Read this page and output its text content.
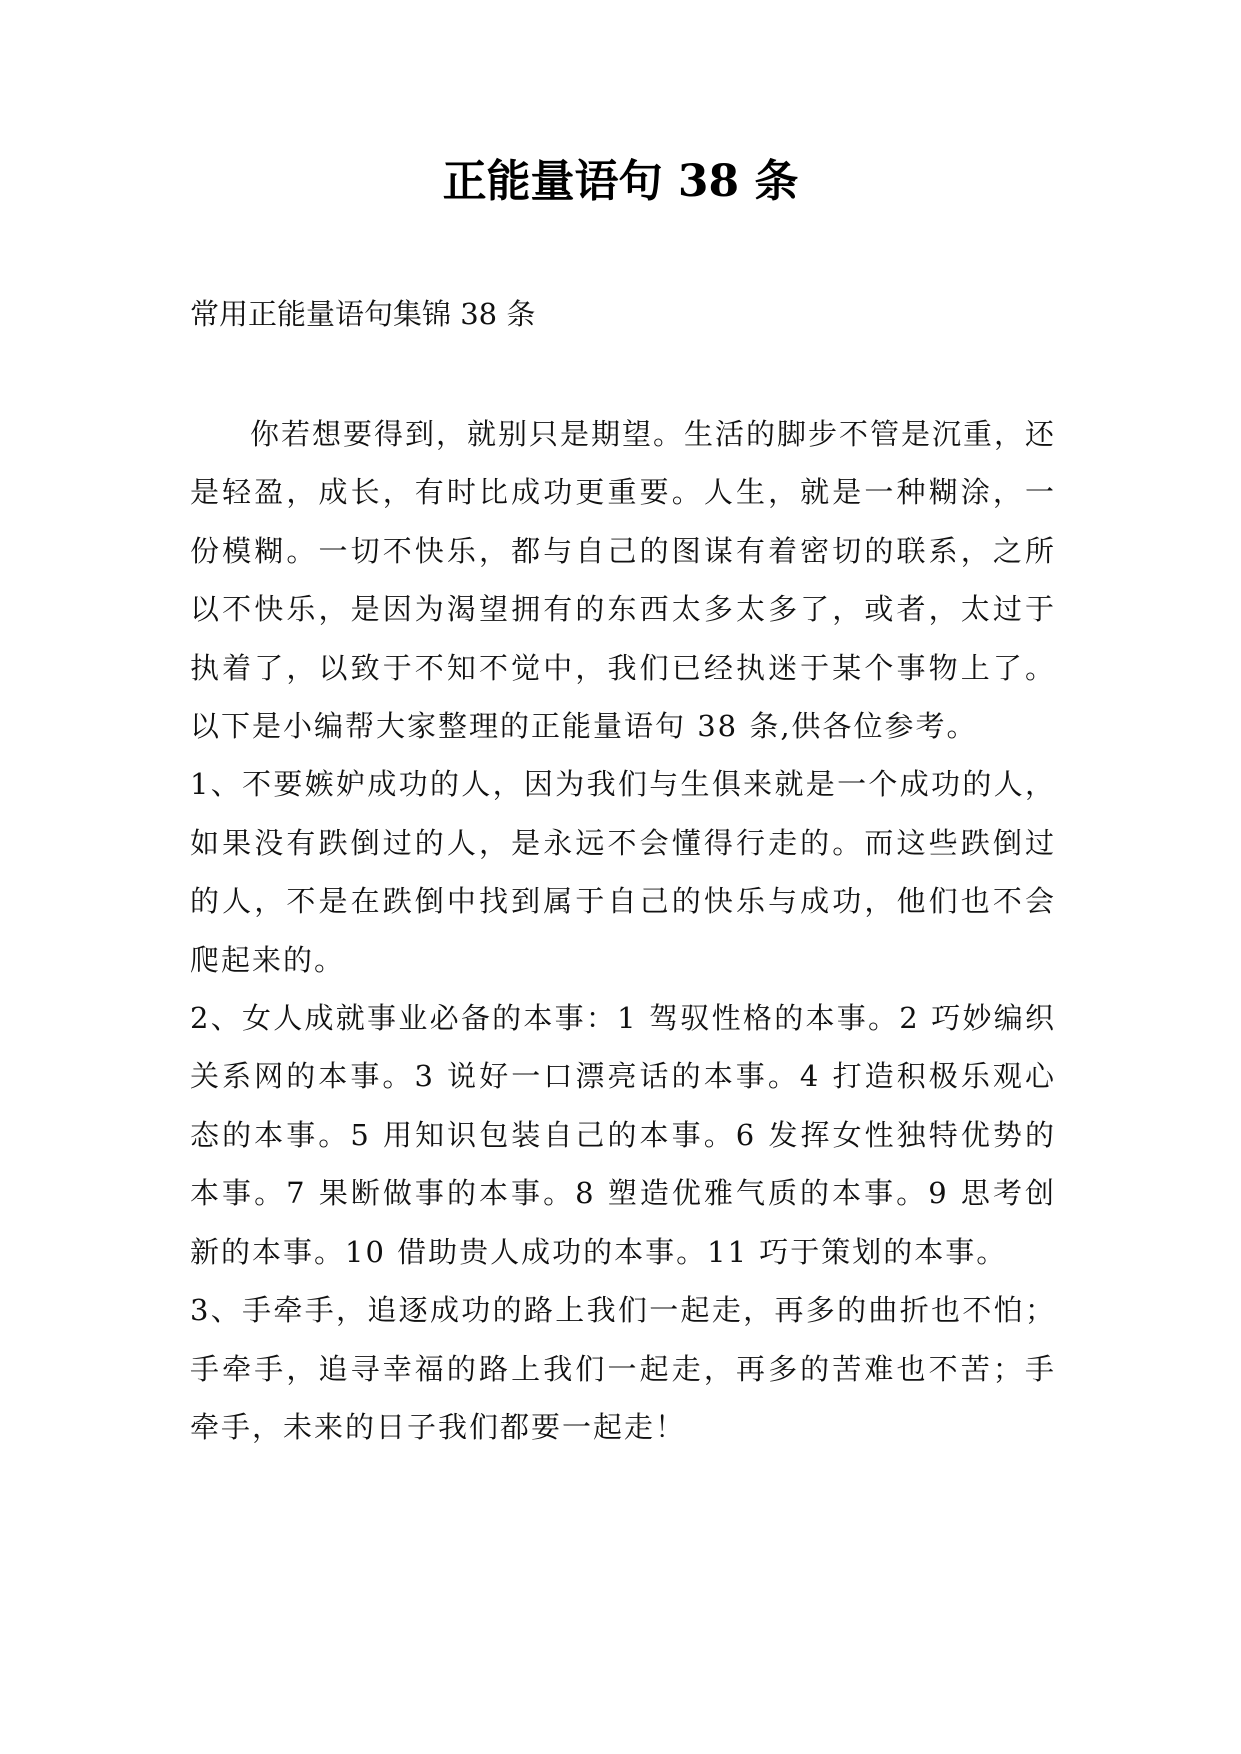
正能量语句 38 条
常用正能量语句集锦 38 条

你若想要得到，就别只是期望。生活的脚步不管是沉重，还是轻盈，成长，有时比成功更重要。人生，就是一种糊涂，一份模糊。一切不快乐，都与自己的图谋有着密切的联系，之所以不快乐，是因为渴望拥有的东西太多太多了，或者，太过于执着了，以致于不知不觉中，我们已经执迷于某个事物上了。以下是小编帮大家整理的正能量语句 38 条,供各位参考。

1、不要嫉妒成功的人，因为我们与生俱来就是一个成功的人，如果没有跌倒过的人，是永远不会懂得行走的。而这些跌倒过的人，不是在跌倒中找到属于自己的快乐与成功，他们也不会爬起来的。

2、女人成就事业必备的本事：1 驾驭性格的本事。2 巧妙编织关系网的本事。3 说好一口漂亮话的本事。4 打造积极乐观心态的本事。5 用知识包装自己的本事。6 发挥女性独特优势的本事。7 果断做事的本事。8 塑造优雅气质的本事。9 思考创新的本事。10 借助贵人成功的本事。11 巧于策划的本事。

3、手牵手，追逐成功的路上我们一起走，再多的曲折也不怕；手牵手，追寻幸福的路上我们一起走，再多的苦难也不苦；手牵手，未来的日子我们都要一起走！
